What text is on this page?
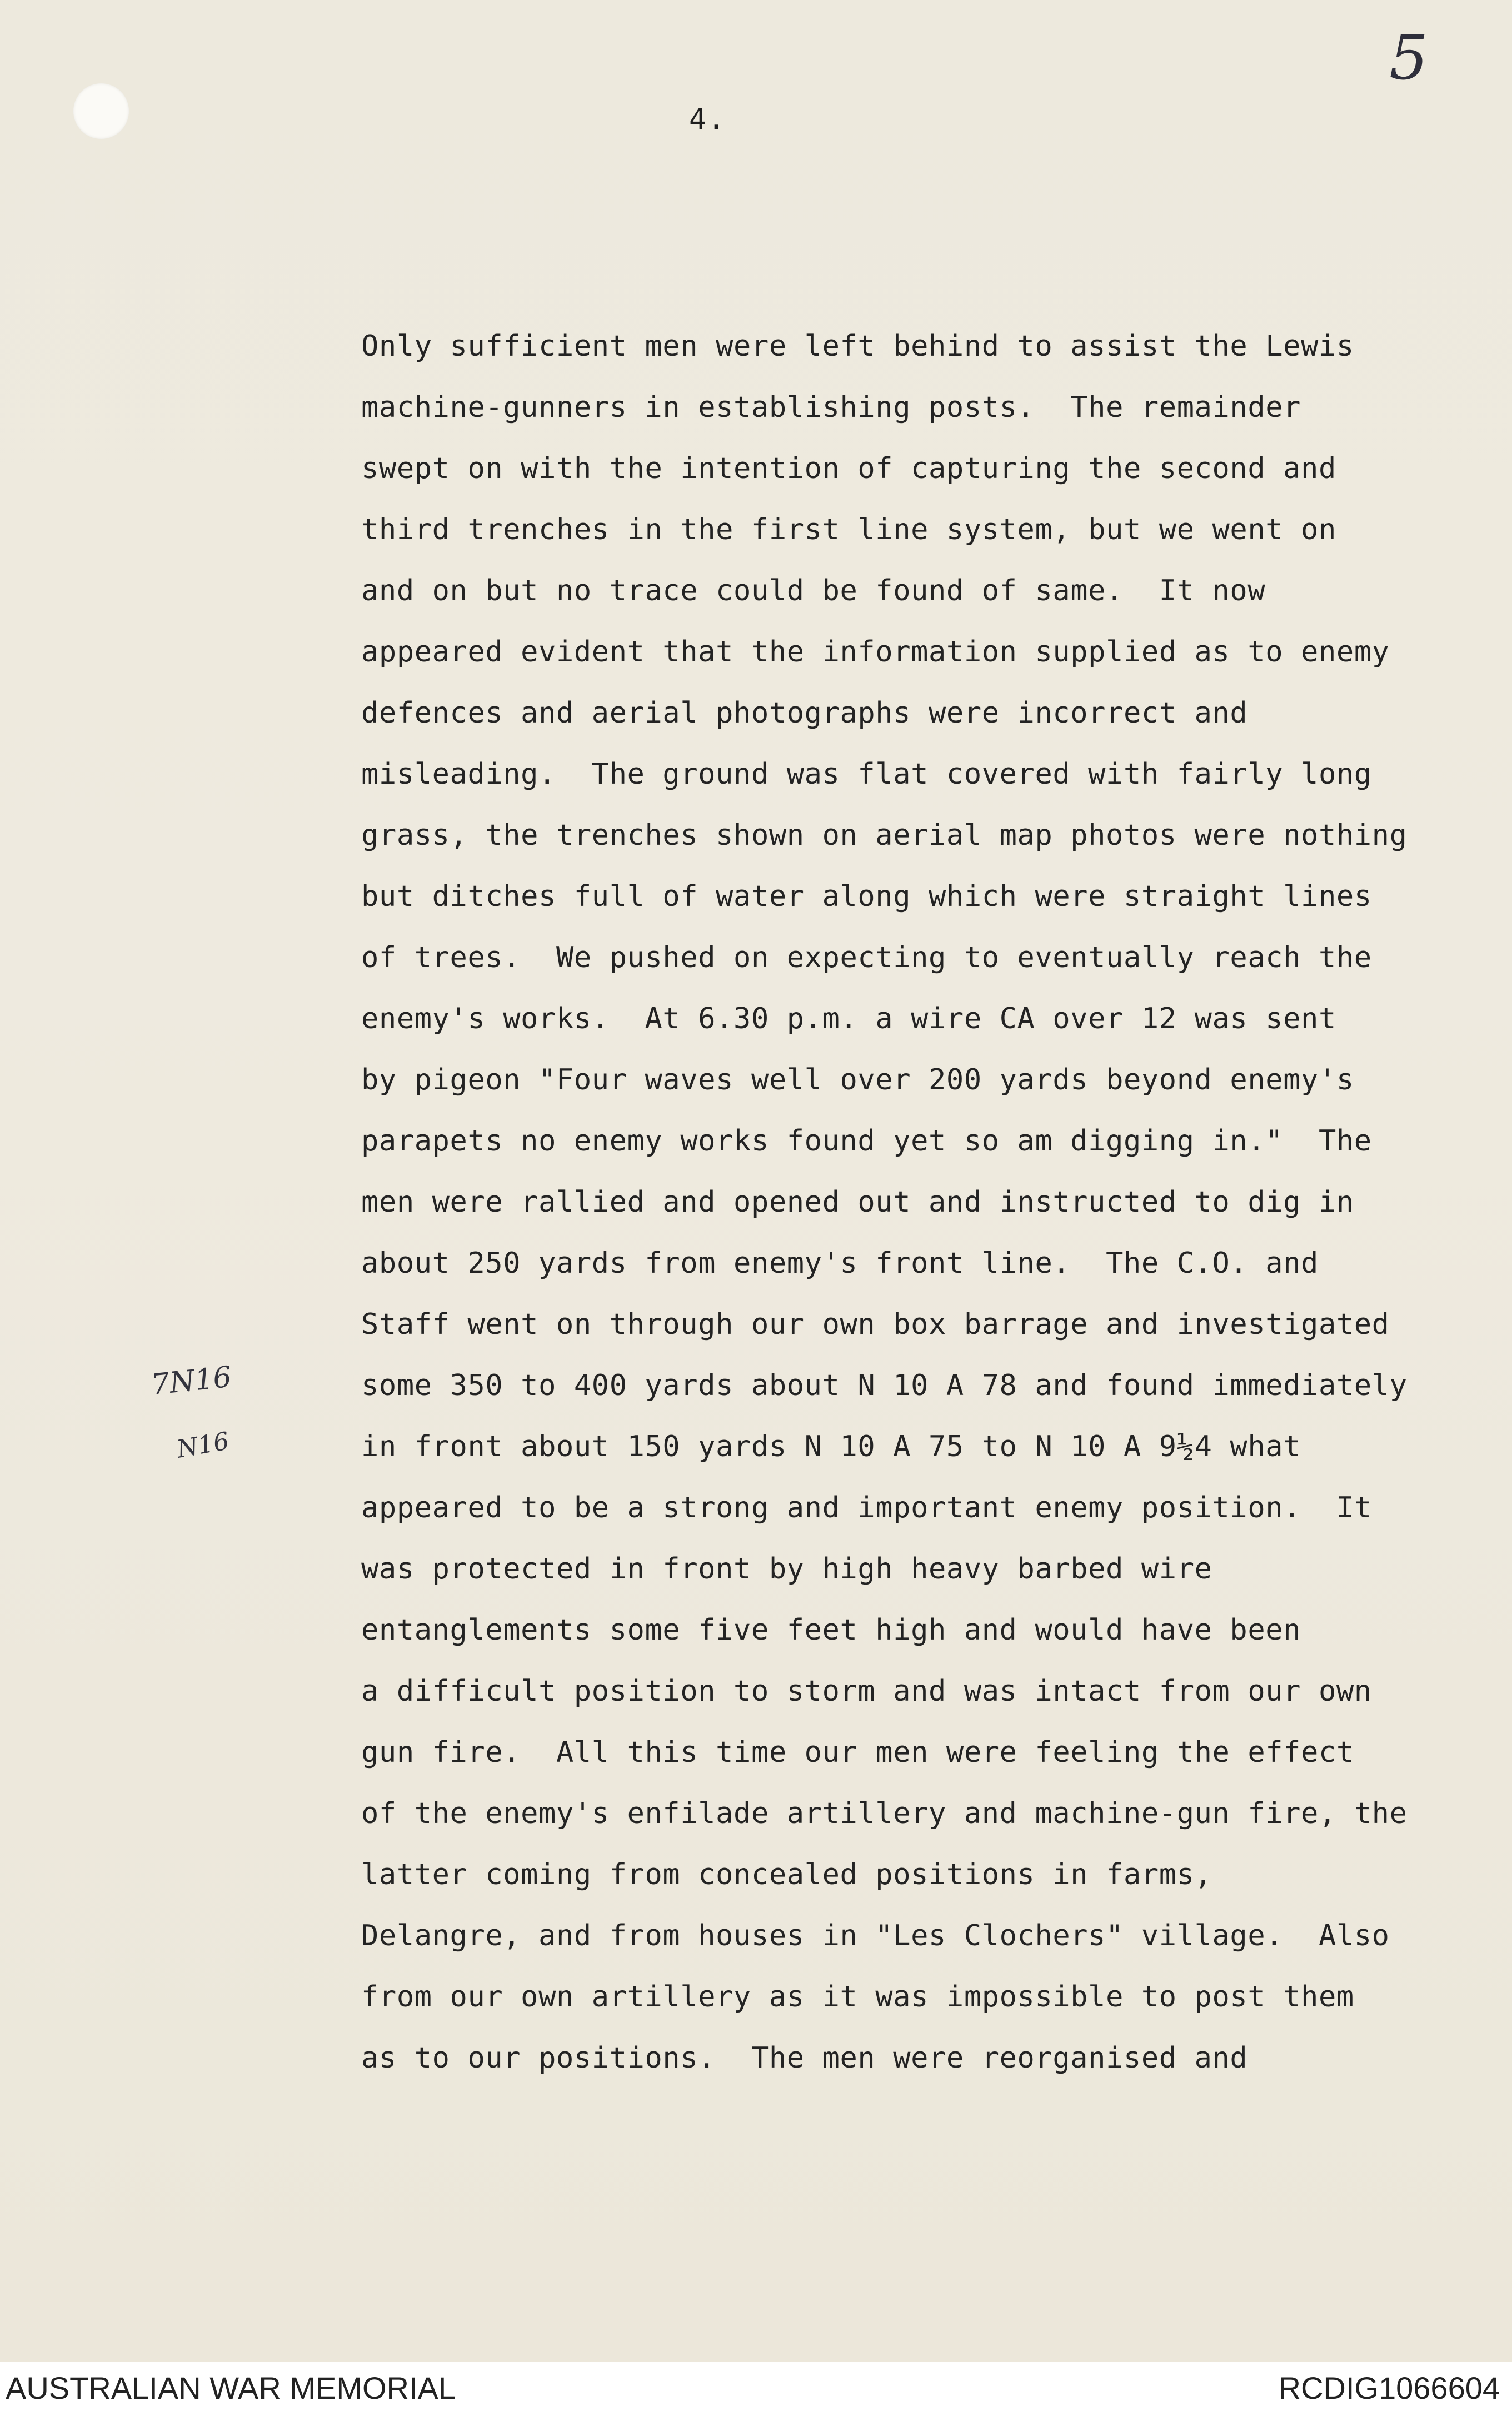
5

4.

Only sufficient men were left behind to assist the Lewis
machine-gunners in establishing posts.  The remainder
swept on with the intention of capturing the second and
third trenches in the first line system, but we went on
and on but no trace could be found of same.  It now
appeared evident that the information supplied as to enemy
defences and aerial photographs were incorrect and
misleading.  The ground was flat covered with fairly long
grass, the trenches shown on aerial map photos were nothing
but ditches full of water along which were straight lines
of trees.  We pushed on expecting to eventually reach the
enemy's works.  At 6.30 p.m. a wire CA over 12 was sent
by pigeon "Four waves well over 200 yards beyond enemy's
parapets no enemy works found yet so am digging in."  The
men were rallied and opened out and instructed to dig in
about 250 yards from enemy's front line.  The C.O. and
Staff went on through our own box barrage and investigated
some 350 to 400 yards about N 10 A 78 and found immediately
in front about 150 yards N 10 A 75 to N 10 A 9½4 what
appeared to be a strong and important enemy position.  It
was protected in front by high heavy barbed wire
entanglements some five feet high and would have been
a difficult position to storm and was intact from our own
gun fire.  All this time our men were feeling the effect
of the enemy's enfilade artillery and machine-gun fire, the
latter coming from concealed positions in farms,
Delangre, and from houses in "Les Clochers" village.  Also
from our own artillery as it was impossible to post them
as to our positions.  The men were reorganised and

7N16

N16

AUSTRALIAN WAR MEMORIAL	RCDIG1066604
